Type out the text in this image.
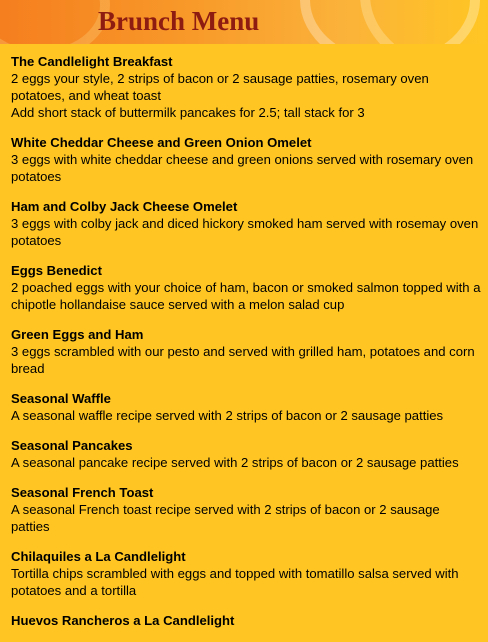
Brunch Menu
The Candlelight Breakfast
2 eggs your style, 2 strips of bacon or 2 sausage patties, rosemary oven potatoes, and wheat toast
Add short stack of buttermilk pancakes for 2.5; tall stack for 3
White Cheddar Cheese and Green Onion Omelet
3 eggs with white cheddar cheese and green onions served with rosemary oven potatoes
Ham and Colby Jack Cheese Omelet
3 eggs with colby jack and diced hickory smoked ham served with rosemay oven potatoes
Eggs Benedict
2 poached eggs with your choice of ham, bacon or smoked salmon topped with a chipotle hollandaise sauce served with a melon salad cup
Green Eggs and Ham
3 eggs scrambled with our pesto and served with grilled ham, potatoes and corn bread
Seasonal Waffle
A seasonal waffle recipe served with 2 strips of bacon or 2 sausage patties
Seasonal Pancakes
A seasonal pancake recipe served with 2 strips of bacon or 2 sausage patties
Seasonal French Toast
A seasonal French toast recipe served with 2 strips of bacon or 2 sausage patties
Chilaquiles a La Candlelight
Tortilla chips scrambled with eggs and topped with tomatillo salsa served with potatoes and a tortilla
Huevos Rancheros a La Candlelight
